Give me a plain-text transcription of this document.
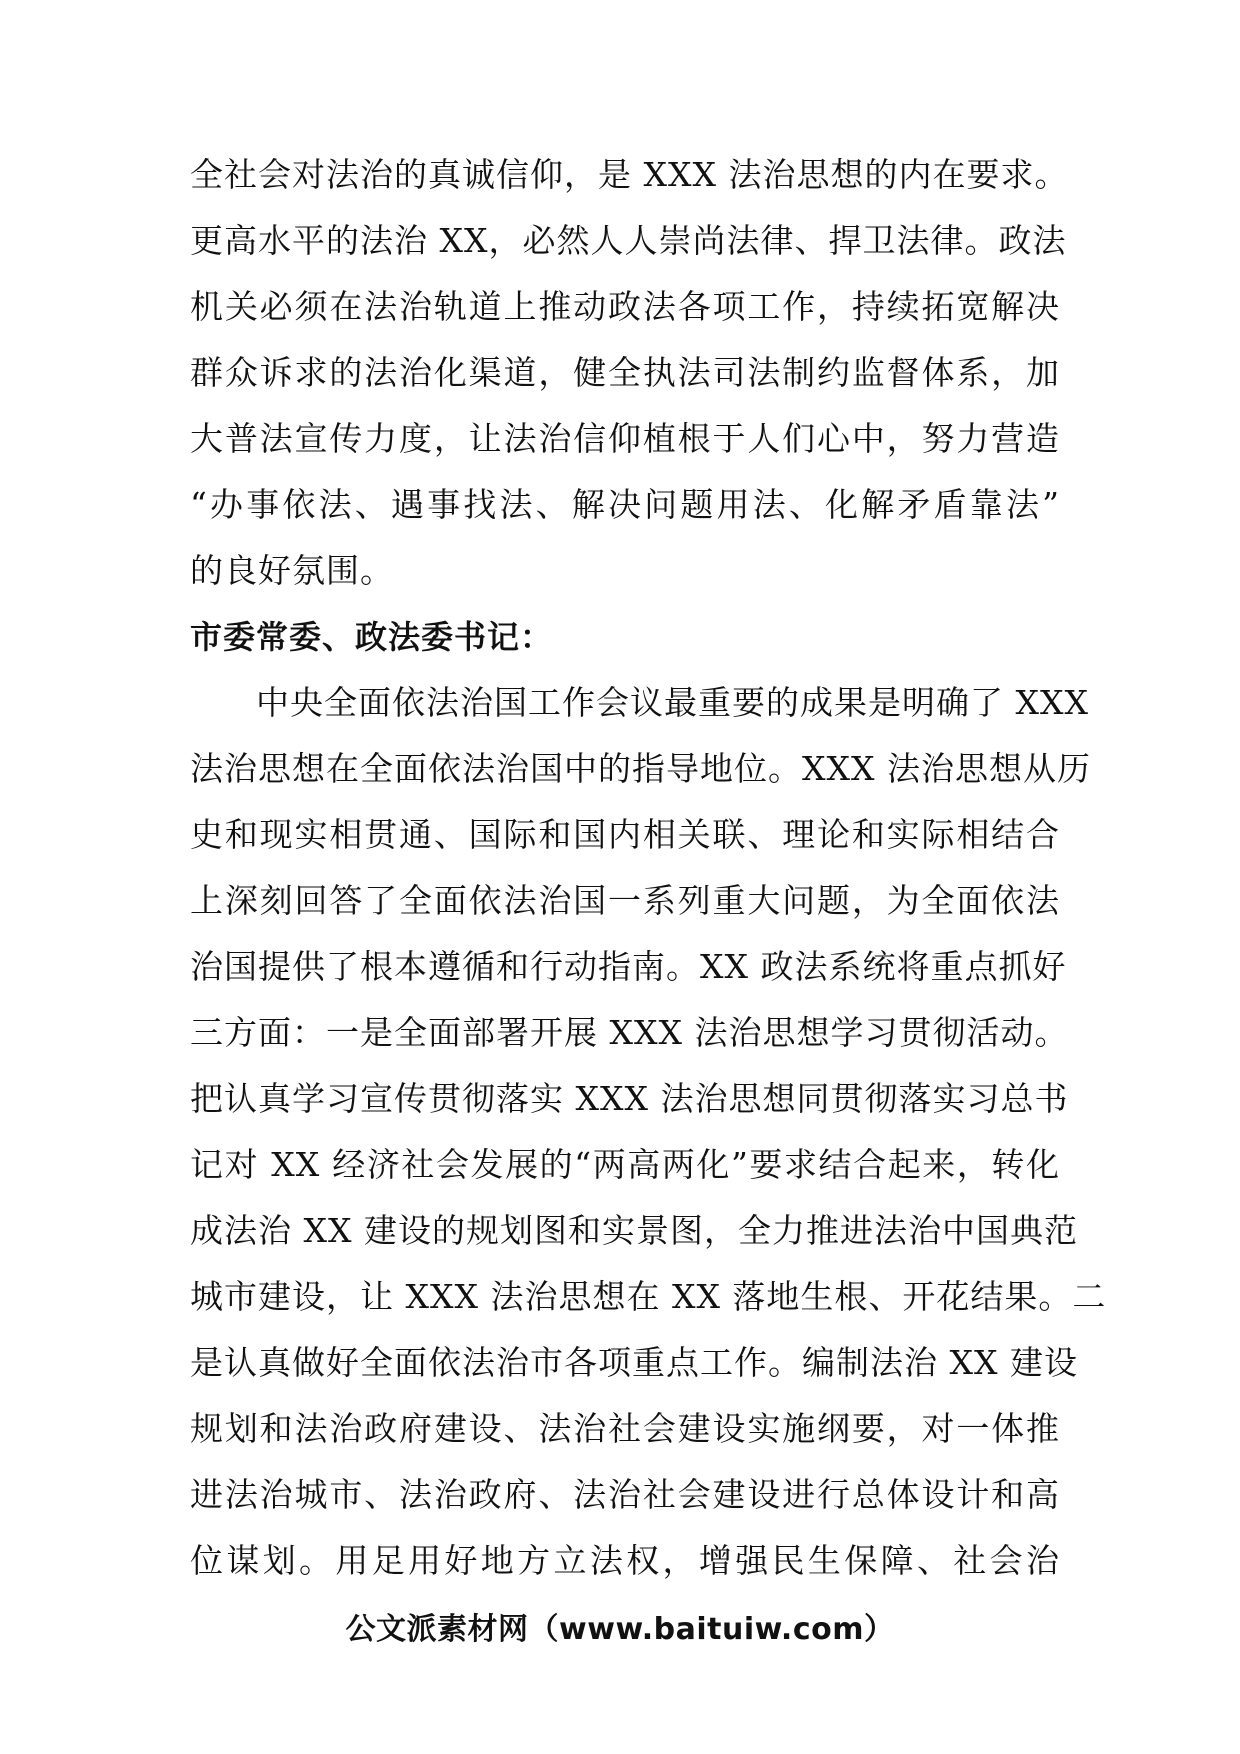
全社会对法治的真诚信仰，是 XXX 法治思想的内在要求。
更高水平的法治 XX，必然人人崇尚法律、捍卫法律。政法
机关必须在法治轨道上推动政法各项工作，持续拓宽解决
群众诉求的法治化渠道，健全执法司法制约监督体系，加
大普法宣传力度，让法治信仰植根于人们心中，努力营造
“办事依法、遇事找法、解决问题用法、化解矛盾靠法”
的良好氛围。
市委常委、政法委书记：
中央全面依法治国工作会议最重要的成果是明确了 XXX
法治思想在全面依法治国中的指导地位。XXX 法治思想从历
史和现实相贯通、国际和国内相关联、理论和实际相结合
上深刻回答了全面依法治国一系列重大问题，为全面依法
治国提供了根本遵循和行动指南。XX 政法系统将重点抓好
三方面：一是全面部署开展 XXX 法治思想学习贯彻活动。
把认真学习宣传贯彻落实 XXX 法治思想同贯彻落实习总书
记对 XX 经济社会发展的“两高两化”要求结合起来，转化
成法治 XX 建设的规划图和实景图，全力推进法治中国典范
城市建设，让 XXX 法治思想在 XX 落地生根、开花结果。二
是认真做好全面依法治市各项重点工作。编制法治 XX 建设
规划和法治政府建设、法治社会建设实施纲要，对一体推
进法治城市、法治政府、法治社会建设进行总体设计和高
位谋划。用足用好地方立法权，增强民生保障、社会治
公文派素材网（www.baituiw.com）
